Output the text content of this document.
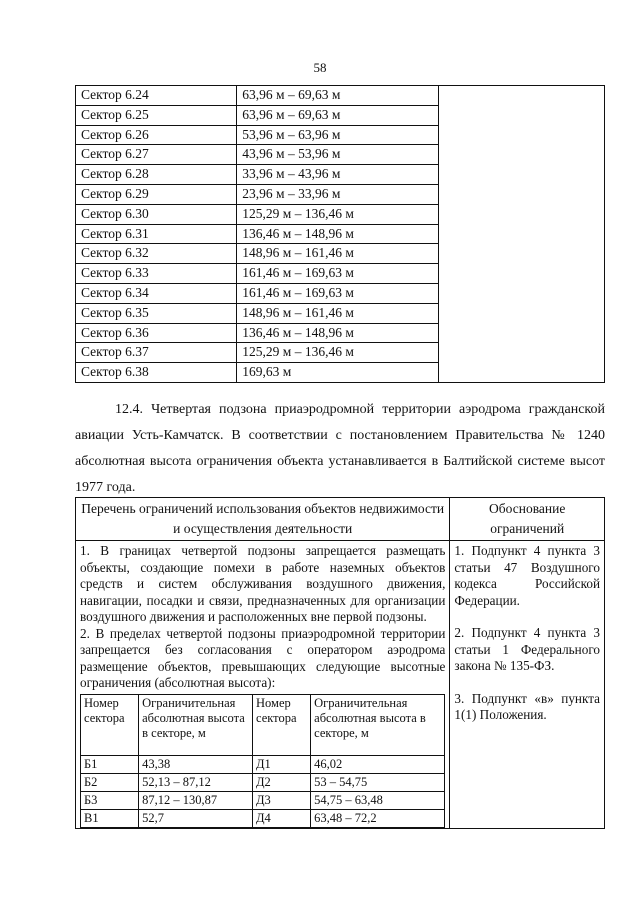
58
Сектор 6.24	63,96 м – 69,63 м	
Сектор 6.25	63,96 м – 69,63 м	
Сектор 6.26	53,96 м – 63,96 м	
Сектор 6.27	43,96 м – 53,96 м	
Сектор 6.28	33,96 м – 43,96 м	
Сектор 6.29	23,96 м – 33,96 м	
Сектор 6.30	125,29 м – 136,46 м	
Сектор 6.31	136,46 м – 148,96 м	
Сектор 6.32	148,96 м – 161,46 м	
Сектор 6.33	161,46 м – 169,63 м	
Сектор 6.34	161,46 м – 169,63 м	
Сектор 6.35	148,96 м – 161,46 м	
Сектор 6.36	136,46 м – 148,96 м	
Сектор 6.37	125,29 м – 136,46 м	
Сектор 6.38	169,63 м	
12.4. Четвертая подзона приаэродромной территории аэродрома гражданской авиации Усть-Камчатск. В соответствии с постановлением Правительства № 1240 абсолютная высота ограничения объекта устанавливается в Балтийской системе высот 1977 года.
Перечень ограничений использования объектов недвижимости и осуществления деятельности	Обоснование ограничений

1. В границах четвертой подзоны запрещается размещать объекты, создающие помехи в работе наземных объектов средств и систем обслуживания воздушного движения, навигации, посадки и связи, предназначенных для организации воздушного движения и расположенных вне первой подзоны.

2. В пределах четвертой подзоны приаэродромной территории запрещается без согласования с оператором аэродрома размещение объектов, превышающих следующие высотные ограничения (абсолютная высота):

Номер сектора	Ограничительная абсолютная высота в секторе, м	Номер сектора	Ограничительная абсолютная высота в секторе, м
Б1	43,38	Д1	46,02
Б2	52,13 – 87,12	Д2	53 – 54,75
Б3	87,12 – 130,87	Д3	54,75 – 63,48
В1	52,7	Д4	63,48 – 72,2

1. Подпункт 4 пункта 3 статьи 47 Воздушного кодекса Российской Федерации.

2. Подпункт 4 пункта 3 статьи 1 Федерального закона № 135-ФЗ.

3. Подпункт «в» пункта 1(1) Положения.
